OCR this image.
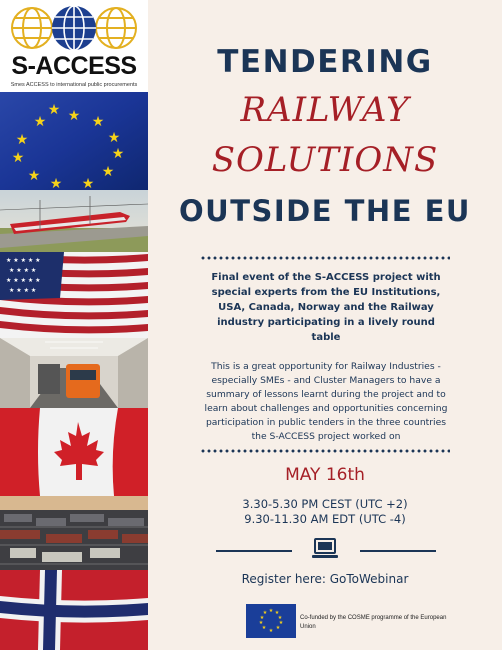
S-ACCESS
Smes ACCESS to international public procurements
★ ★
★
★
★
★
★
★
★ ★ ★
★
★ ★ ★ ★ ★
★ ★ ★ ★
★ ★ ★ ★ ★
★ ★ ★ ★
TENDERING
RAILWAY
SOLUTIONS
OUTSIDE THE EU
Final event of the S-ACCESS project with special experts from the EU Institutions, USA, Canada, Norway and the Railway industry participating in a lively round table
This is a great opportunity for Railway Industries - especially SMEs - and Cluster Managers to have a summary of lessons learnt during the project and to learn about challenges and opportunities concerning participation in public tenders in the three countries the S-ACCESS project worked on
MAY 16th
3.30-5.30 PM CEST (UTC +2)
9.30-11.30 AM EDT (UTC -4)
Register here: GoToWebinar
★ ★
★
★
★
★
★
★
★
★
Co-funded by the COSME programme of the European Union
